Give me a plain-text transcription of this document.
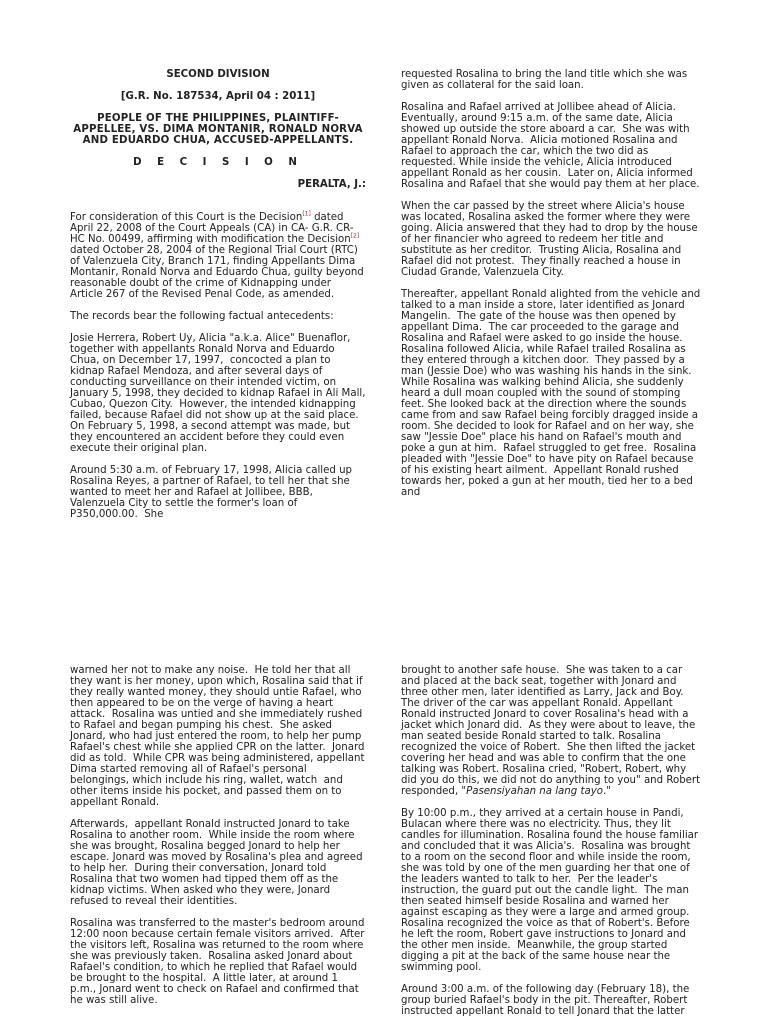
SECOND DIVISION
[G.R. No. 187534, April 04 : 2011]
PEOPLE OF THE PHILIPPINES, PLAINTIFF-APPELLEE, VS. DIMA MONTANIR, RONALD NORVA AND EDUARDO CHUA, ACCUSED-APPELLANTS.
D E C I S I O N
PERALTA, J.:

For consideration of this Court is the Decision[1] dated April 22, 2008 of the Court Appeals (CA) in CA- G.R. CR-HC No. 00499, affirming with modification the Decision[2] dated October 28, 2004 of the Regional Trial Court (RTC) of Valenzuela City, Branch 171, finding Appellants Dima Montanir, Ronald Norva and Eduardo Chua, guilty beyond reasonable doubt of the crime of Kidnapping under Article 267 of the Revised Penal Code, as amended.

The records bear the following factual antecedents:

Josie Herrera, Robert Uy, Alicia "a.k.a. Alice" Buenaflor, together with appellants Ronald Norva and Eduardo Chua, on December 17, 1997,  concocted a plan to kidnap Rafael Mendoza, and after several days of conducting surveillance on their intended victim, on January 5, 1998, they decided to kidnap Rafael in Ali Mall, Cubao, Quezon City.  However, the intended kidnapping failed, because Rafael did not show up at the said place.  On February 5, 1998, a second attempt was made, but they encountered an accident before they could even execute their original plan.

Around 5:30 a.m. of February 17, 1998, Alicia called up Rosalina Reyes, a partner of Rafael, to tell her that she wanted to meet her and Rafael at Jollibee, BBB, Valenzuela City to settle the former's loan of P350,000.00.  She

requested Rosalina to bring the land title which she was given as collateral for the said loan.

Rosalina and Rafael arrived at Jollibee ahead of Alicia. Eventually, around 9:15 a.m. of the same date, Alicia showed up outside the store aboard a car.  She was with appellant Ronald Norva.  Alicia motioned Rosalina and Rafael to approach the car, which the two did as requested. While inside the vehicle, Alicia introduced appellant Ronald as her cousin.  Later on, Alicia informed Rosalina and Rafael that she would pay them at her place.

When the car passed by the street where Alicia's house was located, Rosalina asked the former where they were going. Alicia answered that they had to drop by the house of her financier who agreed to redeem her title and substitute as her creditor.  Trusting Alicia, Rosalina and Rafael did not protest.  They finally reached a house in Ciudad Grande, Valenzuela City.

Thereafter, appellant Ronald alighted from the vehicle and talked to a man inside a store, later identified as Jonard Mangelin.  The gate of the house was then opened by appellant Dima.  The car proceeded to the garage and Rosalina and Rafael were asked to go inside the house. Rosalina followed Alicia, while Rafael trailed Rosalina as they entered through a kitchen door.  They passed by a man (Jessie Doe) who was washing his hands in the sink. While Rosalina was walking behind Alicia, she suddenly heard a dull moan coupled with the sound of stomping feet. She looked back at the direction where the sounds came from and saw Rafael being forcibly dragged inside a room. She decided to look for Rafael and on her way, she saw "Jessie Doe" place his hand on Rafael's mouth and poke a gun at him.  Rafael struggled to get free.  Rosalina pleaded with "Jessie Doe" to have pity on Rafael because of his existing heart ailment.  Appellant Ronald rushed towards her, poked a gun at her mouth, tied her to a bed and

warned her not to make any noise.  He told her that all they want is her money, upon which, Rosalina said that if they really wanted money, they should untie Rafael, who then appeared to be on the verge of having a heart attack.  Rosalina was untied and she immediately rushed to Rafael and began pumping his chest.  She asked Jonard, who had just entered the room, to help her pump Rafael's chest while she applied CPR on the latter.  Jonard did as told.  While CPR was being administered, appellant Dima started removing all of Rafael's personal belongings, which include his ring, wallet, watch  and other items inside his pocket, and passed them on to appellant Ronald.

Afterwards,  appellant Ronald instructed Jonard to take Rosalina to another room.  While inside the room where she was brought, Rosalina begged Jonard to help her escape. Jonard was moved by Rosalina's plea and agreed to help her.  During their conversation, Jonard told Rosalina that two women had tipped them off as the kidnap victims. When asked who they were, Jonard refused to reveal their identities.

Rosalina was transferred to the master's bedroom around 12:00 noon because certain female visitors arrived.  After the visitors left, Rosalina was returned to the room where she was previously taken.  Rosalina asked Jonard about Rafael's condition, to which he replied that Rafael would be brought to the hospital.  A little later, at around 1 p.m., Jonard went to check on Rafael and confirmed that he was still alive.

brought to another safe house.  She was taken to a car and placed at the back seat, together with Jonard and three other men, later identified as Larry, Jack and Boy.  The driver of the car was appellant Ronald. Appellant Ronald instructed Jonard to cover Rosalina's head with a jacket which Jonard did.  As they were about to leave, the man seated beside Ronald started to talk. Rosalina recognized the voice of Robert.  She then lifted the jacket covering her head and was able to confirm that the one talking was Robert. Rosalina cried, "Robert, Robert, why did you do this, we did not do anything to you" and Robert responded, "Pasensiyahan na lang tayo."

By 10:00 p.m., they arrived at a certain house in Pandi, Bulacan where there was no electricity. Thus, they lit candles for illumination. Rosalina found the house familiar and concluded that it was Alicia's.  Rosalina was brought to a room on the second floor and while inside the room, she was told by one of the men guarding her that one of the leaders wanted to talk to her.  Per the leader's instruction, the guard put out the candle light.  The man then seated himself beside Rosalina and warned her against escaping as they were a large and armed group.  Rosalina recognized the voice as that of Robert's. Before he left the room, Robert gave instructions to Jonard and the other men inside.  Meanwhile, the group started digging a pit at the back of the same house near the swimming pool.

Around 3:00 a.m. of the following day (February 18), the group buried Rafael's body in the pit. Thereafter, Robert instructed appellant Ronald to tell Jonard that the latter
